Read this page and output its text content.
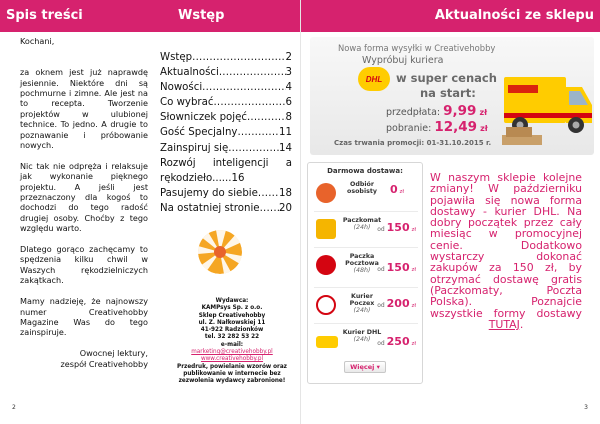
Spis treści	Wstęp	Aktualności ze sklepu

Kochani,

za oknem jest już naprawdę jesiennie. Niektóre dni są pochmurne i zimne. Ale jest na to recepta. Tworzenie projektów w ulubionej technice. To jedno. A drugie to poznawanie i próbowanie nowych.

Nic tak nie odpręża i relaksuje jak wykonanie pięknego projektu. A jeśli jest przeznaczony dla kogoś to dochodzi do tego radość drugiej osoby. Choćby z tego względu warto.

Dlatego gorąco zachęcamy to spędzenia kilku chwil w Waszych rękodzielniczych zakątkach.

Mamy nadzieję, że najnowszy numer Creativehobby Magazine Was do tego zainspiruje.

Owocnej lektury,

zespół Creativehobby

Wstęp .....	2
Aktualności .....	3
Nowości .....	4
Co wybrać .....	6
Słowniczek pojęć .....	8
Gość Specjalny .....	11
Zainspiruj się .....	14
Rozwój inteligencji a rękodzieło......16
Pasujemy do siebie ..... 18
Na ostatniej stronie ..... 20
Wydawca:
KAMPsys Sp. z o.o.
Sklep Creativehobby
ul. Z. Nałkowskiej 11
41-922 Radzionków
tel. 32 282 53 22
e-mail:
marketing@creativehobby.pl
www.creativehobby.pl
Przedruk, powielanie wzorów oraz publikowanie w internecie bez zezwolenia wydawcy zabronione!
2	3
Nowa forma wysyłki w Creativehobby
Wypróbuj kuriera
DHL	w super cenach
na start:
przedpłata: 9,99 zł
pobranie: 12,49 zł
Czas trwania promocji: 01-31.10.2015 r.
Darmowa dostawa:
Odbiór osobisty	0 zł
Paczkomat
(24h)	od 150 zł
Paczka Pocztowa
(48h)	od 150 zł
Kurier Poczex
(24h)
od 200 zł
Kurier DHL
(24h)
od 250 zł
Więcej ▾
W naszym sklepie kolejne zmiany! W październiku pojawiła się nowa forma dostawy - kurier DHL. Na dobry początek przez cały miesiąc w promocyjnej cenie. Dodatkowo wystarczy dokonać zakupów za 150 zł, by otrzymać dostawę gratis (Paczkomaty, Poczta Polska). Poznajcie wszystkie formy dostawy TUTAJ.
